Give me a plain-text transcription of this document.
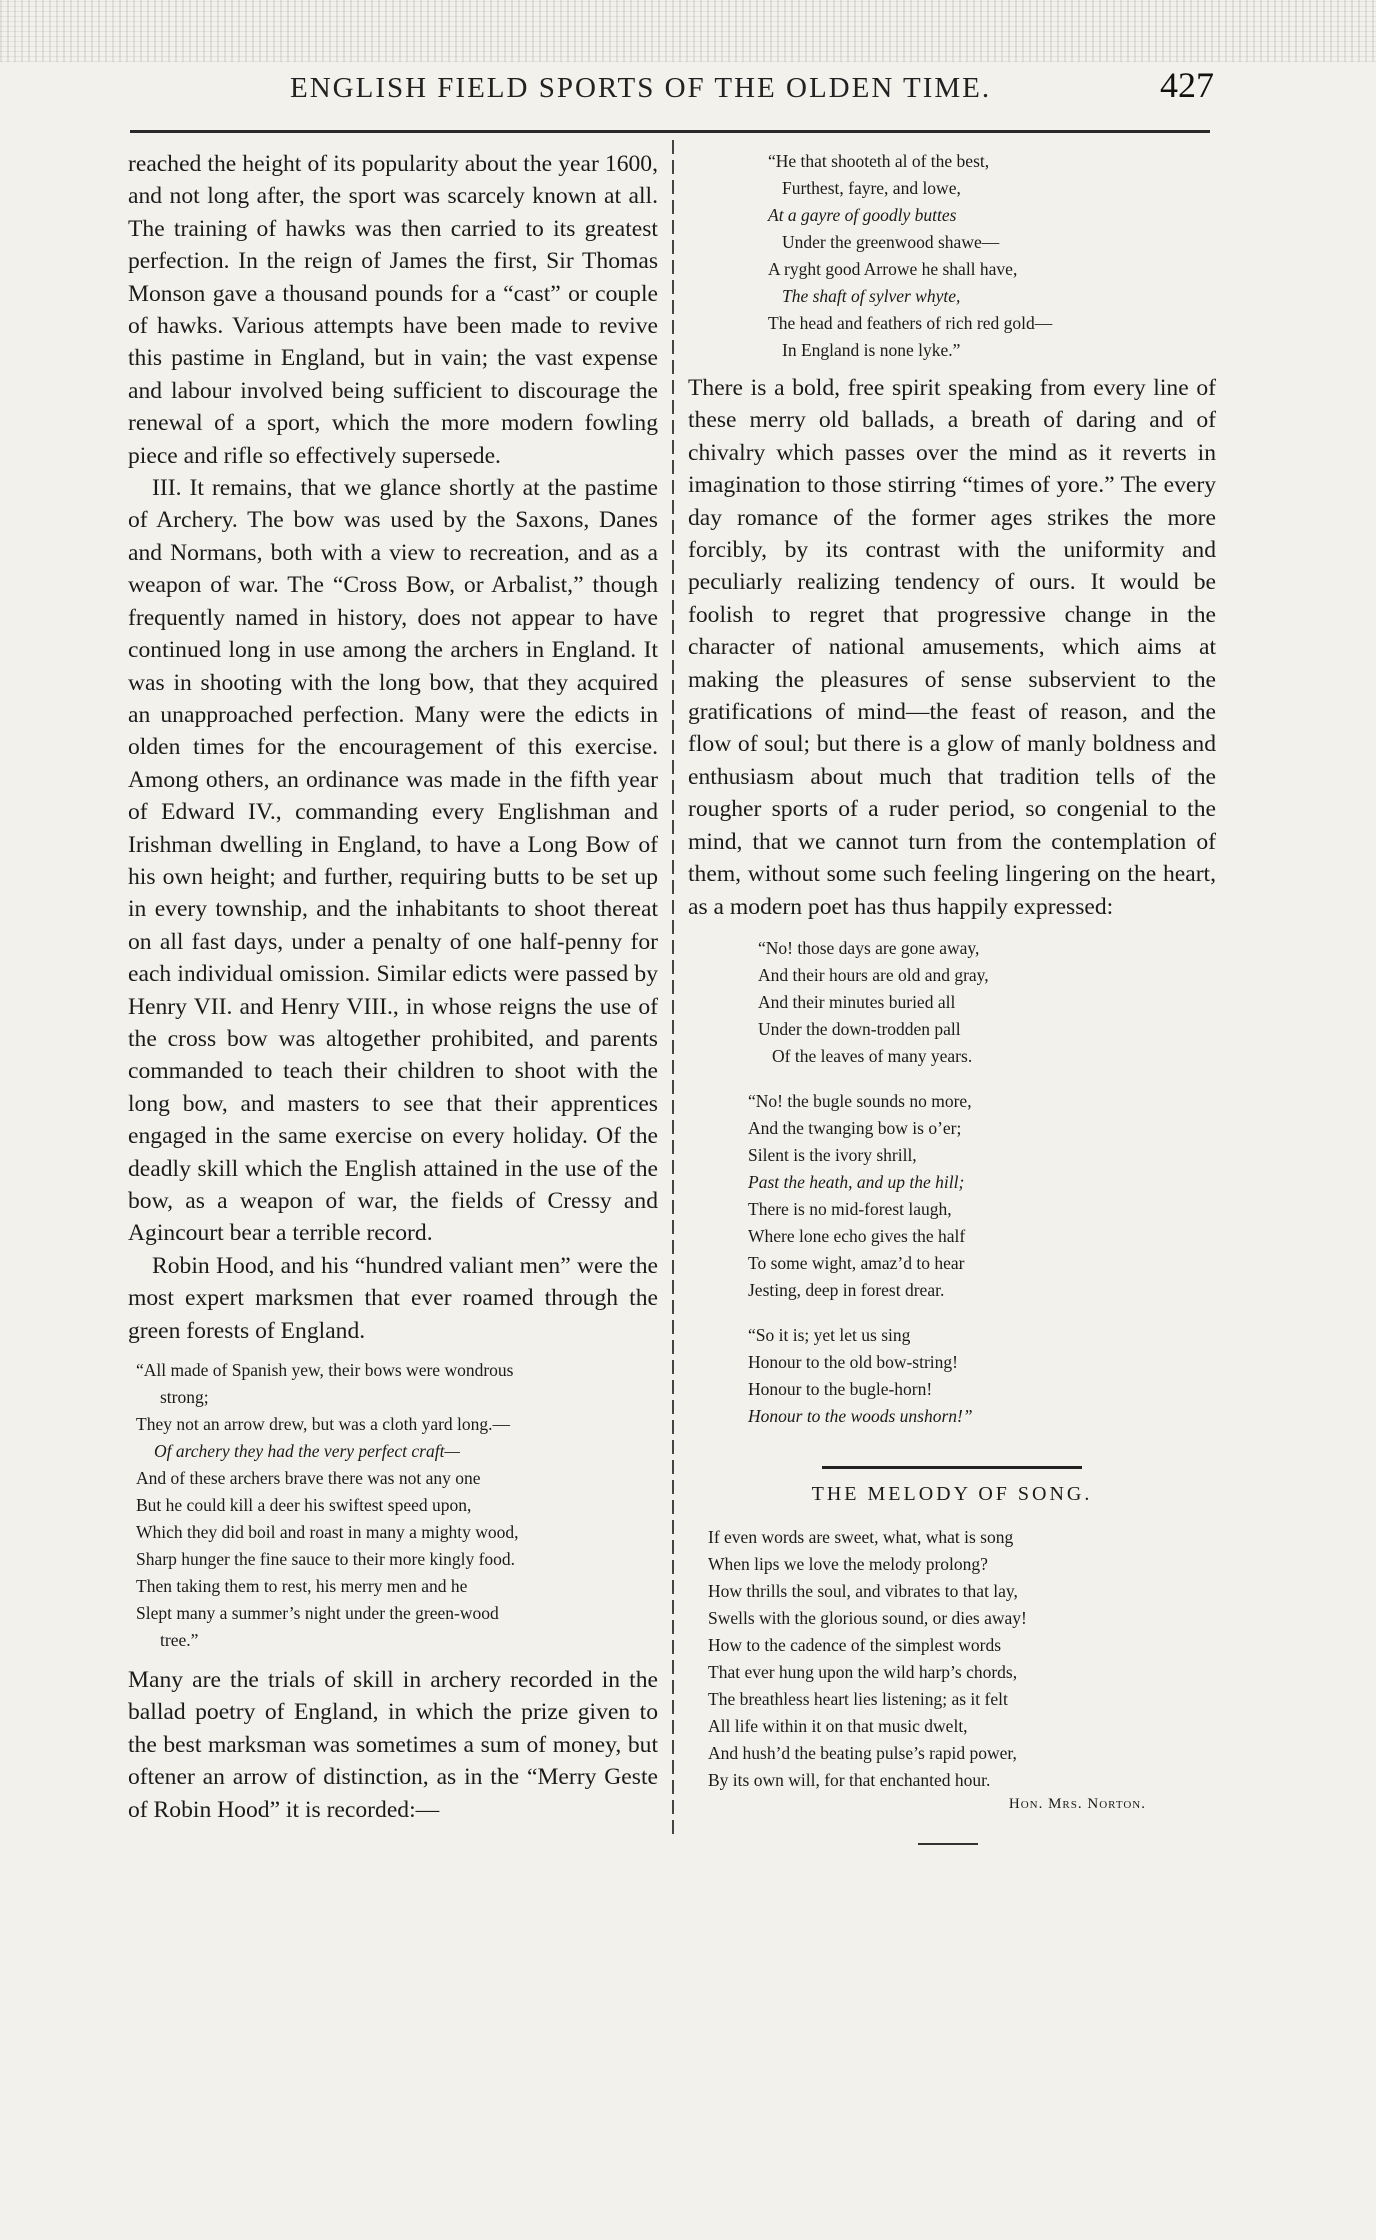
ENGLISH FIELD SPORTS OF THE OLDEN TIME.	427

reached the height of its popularity about the year 1600, and not long after, the sport was scarcely known at all. The training of hawks was then carried to its greatest perfection. In the reign of James the first, Sir Thomas Monson gave a thousand pounds for a “cast” or couple of hawks. Various attempts have been made to revive this pastime in England, but in vain; the vast expense and labour involved being sufficient to discourage the renewal of a sport, which the more modern fowling piece and rifle so effectively supersede.

III. It remains, that we glance shortly at the pastime of Archery. The bow was used by the Saxons, Danes and Normans, both with a view to recreation, and as a weapon of war. The “Cross Bow, or Arbalist,” though frequently named in history, does not appear to have continued long in use among the archers in England. It was in shooting with the long bow, that they acquired an unapproached perfection. Many were the edicts in olden times for the encouragement of this exercise. Among others, an ordinance was made in the fifth year of Edward IV., commanding every Englishman and Irishman dwelling in England, to have a Long Bow of his own height; and further, requiring butts to be set up in every township, and the inhabitants to shoot thereat on all fast days, under a penalty of one half-penny for each individual omission. Similar edicts were passed by Henry VII. and Henry VIII., in whose reigns the use of the cross bow was altogether prohibited, and parents commanded to teach their children to shoot with the long bow, and masters to see that their apprentices engaged in the same exercise on every holiday. Of the deadly skill which the English attained in the use of the bow, as a weapon of war, the fields of Cressy and Agincourt bear a terrible record.

Robin Hood, and his “hundred valiant men” were the most expert marksmen that ever roamed through the green forests of England.

“All made of Spanish yew, their bows were wondrous
strong;
They not an arrow drew, but was a cloth yard long.—
Of archery they had the very perfect craft—
And of these archers brave there was not any one
But he could kill a deer his swiftest speed upon,
Which they did boil and roast in many a mighty wood,
Sharp hunger the fine sauce to their more kingly food.
Then taking them to rest, his merry men and he
Slept many a summer’s night under the green-wood
tree.”

Many are the trials of skill in archery recorded in the ballad poetry of England, in which the prize given to the best marksman was sometimes a sum of money, but oftener an arrow of distinction, as in the “Merry Geste of Robin Hood” it is recorded:—

“He that shooteth al of the best,
Furthest, fayre, and lowe,
At a gayre of goodly buttes
Under the greenwood shawe—
A ryght good Arrowe he shall have,
The shaft of sylver whyte,
The head and feathers of rich red gold—
In England is none lyke.”

There is a bold, free spirit speaking from every line of these merry old ballads, a breath of daring and of chivalry which passes over the mind as it reverts in imagination to those stirring “times of yore.” The every day romance of the former ages strikes the more forcibly, by its contrast with the uniformity and peculiarly realizing tendency of ours. It would be foolish to regret that progressive change in the character of national amusements, which aims at making the pleasures of sense subservient to the gratifications of mind—the feast of reason, and the flow of soul; but there is a glow of manly boldness and enthusiasm about much that tradition tells of the rougher sports of a ruder period, so congenial to the mind, that we cannot turn from the contemplation of them, without some such feeling lingering on the heart, as a modern poet has thus happily expressed:

“No! those days are gone away,
And their hours are old and gray,
And their minutes buried all
Under the down-trodden pall
Of the leaves of many years.
“No! the bugle sounds no more,
And the twanging bow is o’er;
Silent is the ivory shrill,
Past the heath, and up the hill;
There is no mid-forest laugh,
Where lone echo gives the half
To some wight, amaz’d to hear
Jesting, deep in forest drear.
“So it is; yet let us sing
Honour to the old bow-string!
Honour to the bugle-horn!
Honour to the woods unshorn!”
THE MELODY OF SONG.
If even words are sweet, what, what is song
When lips we love the melody prolong?
How thrills the soul, and vibrates to that lay,
Swells with the glorious sound, or dies away!
How to the cadence of the simplest words
That ever hung upon the wild harp’s chords,
The breathless heart lies listening; as it felt
All life within it on that music dwelt,
And hush’d the beating pulse’s rapid power,
By its own will, for that enchanted hour.
Hon. Mrs. Norton.
